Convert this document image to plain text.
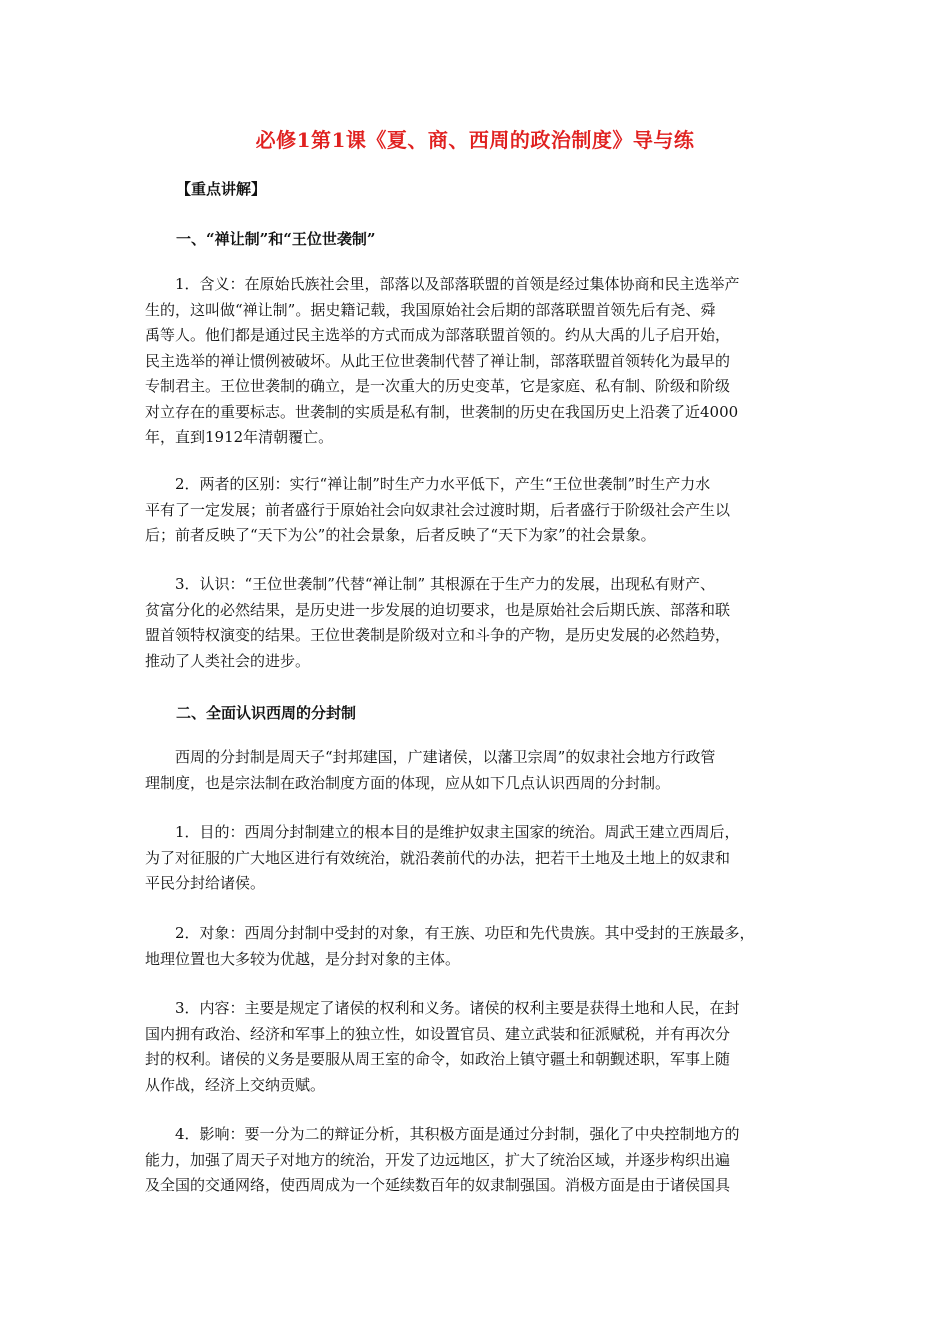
必修1第1课《夏、商、西周的政治制度》导与练
【重点讲解】
一、“禅让制”和“王位世袭制”
1．含义：在原始氏族社会里，部落以及部落联盟的首领是经过集体协商和民主选举产
生的，这叫做“禅让制”。据史籍记载，我国原始社会后期的部落联盟首领先后有尧、舜
禹等人。他们都是通过民主选举的方式而成为部落联盟首领的。约从大禹的儿子启开始，
民主选举的禅让惯例被破坏。从此王位世袭制代替了禅让制，部落联盟首领转化为最早的
专制君主。王位世袭制的确立，是一次重大的历史变革，它是家庭、私有制、阶级和阶级
对立存在的重要标志。世袭制的实质是私有制，世袭制的历史在我国历史上沿袭了近4000
年，直到1912年清朝覆亡。
2．两者的区别：实行“禅让制”时生产力水平低下，产生“王位世袭制”时生产力水
平有了一定发展；前者盛行于原始社会向奴隶社会过渡时期，后者盛行于阶级社会产生以
后；前者反映了“天下为公”的社会景象，后者反映了“天下为家”的社会景象。
3．认识：“王位世袭制”代替“禅让制” 其根源在于生产力的发展，出现私有财产、
贫富分化的必然结果，是历史进一步发展的迫切要求，也是原始社会后期氏族、部落和联
盟首领特权演变的结果。王位世袭制是阶级对立和斗争的产物，是历史发展的必然趋势，
推动了人类社会的进步。
二、全面认识西周的分封制
西周的分封制是周天子“封邦建国，广建诸侯，以藩卫宗周”的奴隶社会地方行政管
理制度，也是宗法制在政治制度方面的体现，应从如下几点认识西周的分封制。
1．目的：西周分封制建立的根本目的是维护奴隶主国家的统治。周武王建立西周后，
为了对征服的广大地区进行有效统治，就沿袭前代的办法，把若干土地及土地上的奴隶和
平民分封给诸侯。
2．对象：西周分封制中受封的对象，有王族、功臣和先代贵族。其中受封的王族最多，
地理位置也大多较为优越，是分封对象的主体。
3．内容：主要是规定了诸侯的权利和义务。诸侯的权利主要是获得土地和人民，在封
国内拥有政治、经济和军事上的独立性，如设置官员、建立武装和征派赋税，并有再次分
封的权利。诸侯的义务是要服从周王室的命令，如政治上镇守疆土和朝觐述职，军事上随
从作战，经济上交纳贡赋。
4．影响：要一分为二的辩证分析，其积极方面是通过分封制，强化了中央控制地方的
能力，加强了周天子对地方的统治，开发了边远地区，扩大了统治区域，并逐步构织出遍
及全国的交通网络，使西周成为一个延续数百年的奴隶制强国。消极方面是由于诸侯国具
